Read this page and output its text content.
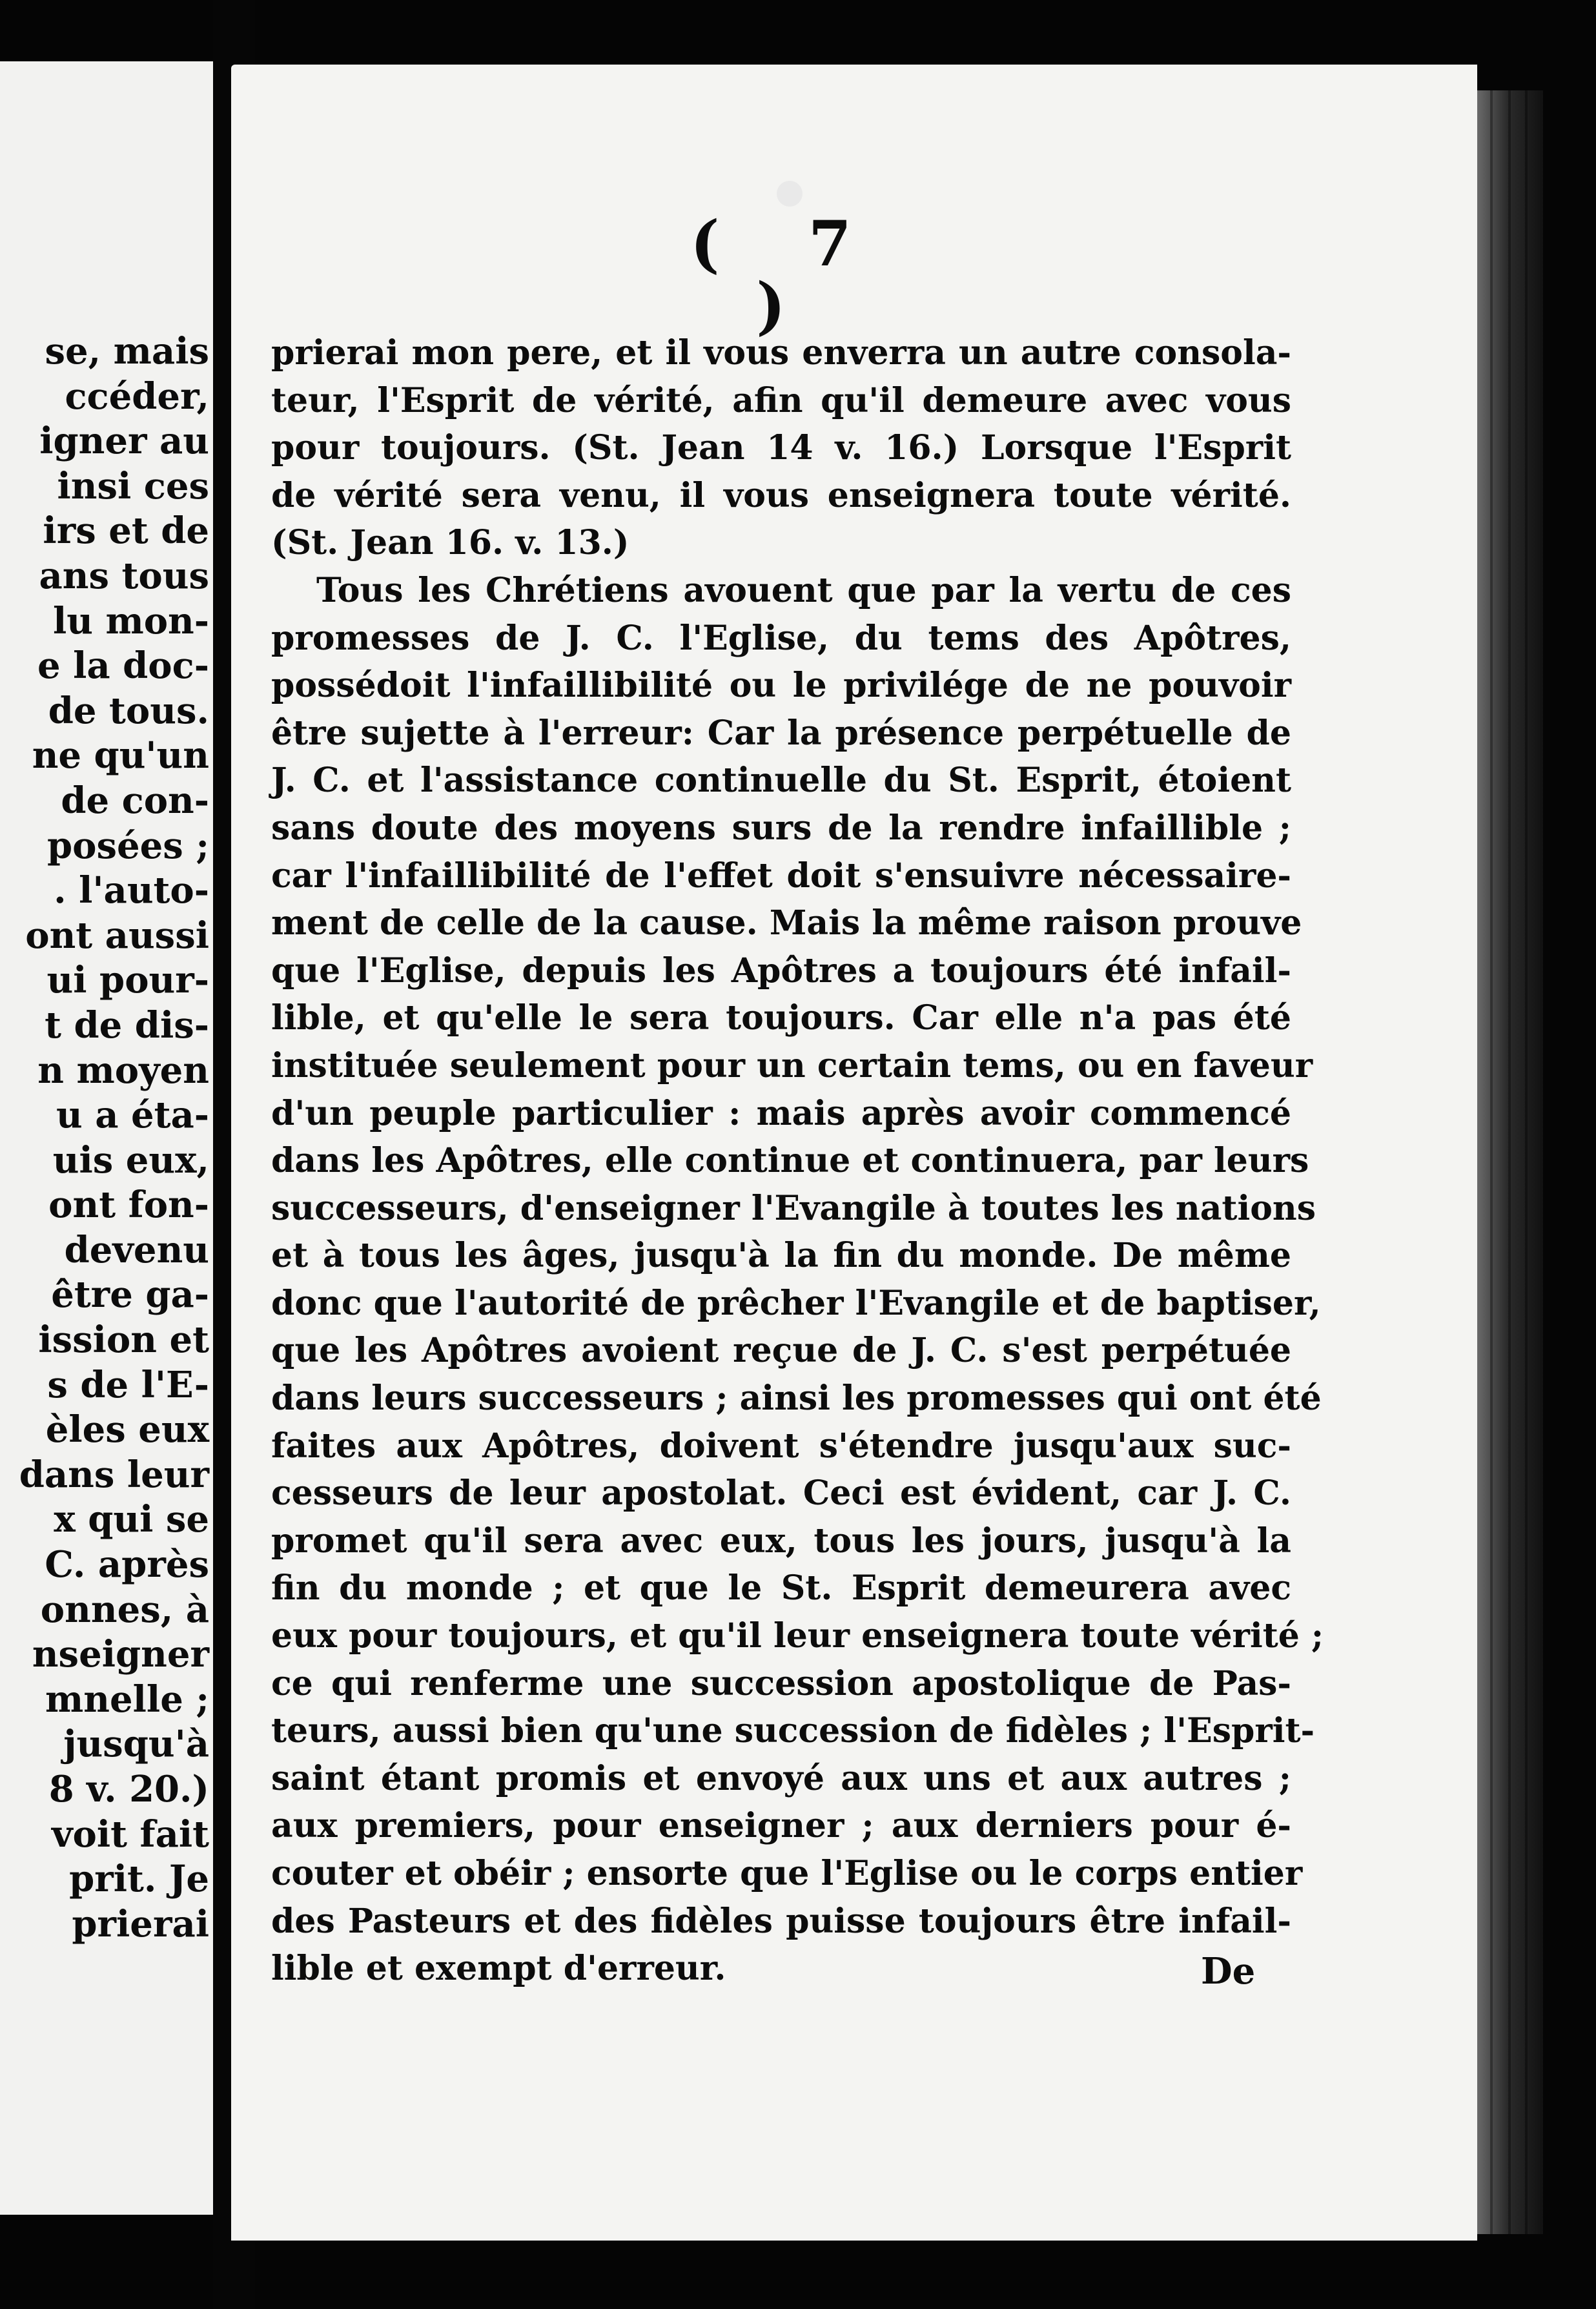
se, mais
ccéder,
igner au
insi ces
irs et de
ans tous
lu mon-
e la doc-
de tous.
ne qu'un
de con-
posées ;
. l'auto-
ont aussi
ui pour-
t de dis-
n moyen
u a éta-
uis eux,
ont fon-
devenu
être ga-
ission et
s de l'E-
èles eux
dans leur
x qui se
C. après
onnes, à
nseigner
mnelle ;
jusqu'à
8 v. 20.)
voit fait
prit. Je
prierai
( 7 )
prierai mon pere, et il vous enverra un autre consola-
teur, l'Esprit de vérité, afin qu'il demeure avec vous
pour toujours. (St. Jean 14 v. 16.) Lorsque l'Esprit
de vérité sera venu, il vous enseignera toute vérité.
(St. Jean 16. v. 13.)
Tous les Chrétiens avouent que par la vertu de ces
promesses de J. C. l'Eglise, du tems des Apôtres,
possédoit l'infaillibilité ou le privilége de ne pouvoir
être sujette à l'erreur: Car la présence perpétuelle de
J. C. et l'assistance continuelle du St. Esprit, étoient
sans doute des moyens surs de la rendre infaillible ;
car l'infaillibilité de l'effet doit s'ensuivre nécessaire-
ment de celle de la cause. Mais la même raison prouve
que l'Eglise, depuis les Apôtres a toujours été infail-
lible, et qu'elle le sera toujours. Car elle n'a pas été
instituée seulement pour un certain tems, ou en faveur
d'un peuple particulier : mais après avoir commencé
dans les Apôtres, elle continue et continuera, par leurs
successeurs, d'enseigner l'Evangile à toutes les nations
et à tous les âges, jusqu'à la fin du monde. De même
donc que l'autorité de prêcher l'Evangile et de baptiser,
que les Apôtres avoient reçue de J. C. s'est perpétuée
dans leurs successeurs ; ainsi les promesses qui ont été
faites aux Apôtres, doivent s'étendre jusqu'aux suc-
cesseurs de leur apostolat. Ceci est évident, car J. C.
promet qu'il sera avec eux, tous les jours, jusqu'à la
fin du monde ; et que le St. Esprit demeurera avec
eux pour toujours, et qu'il leur enseignera toute vérité ;
ce qui renferme une succession apostolique de Pas-
teurs, aussi bien qu'une succession de fidèles ; l'Esprit-
saint étant promis et envoyé aux uns et aux autres ;
aux premiers, pour enseigner ; aux derniers pour é-
couter et obéir ; ensorte que l'Eglise ou le corps entier
des Pasteurs et des fidèles puisse toujours être infail-
lible et exempt d'erreur.	De
